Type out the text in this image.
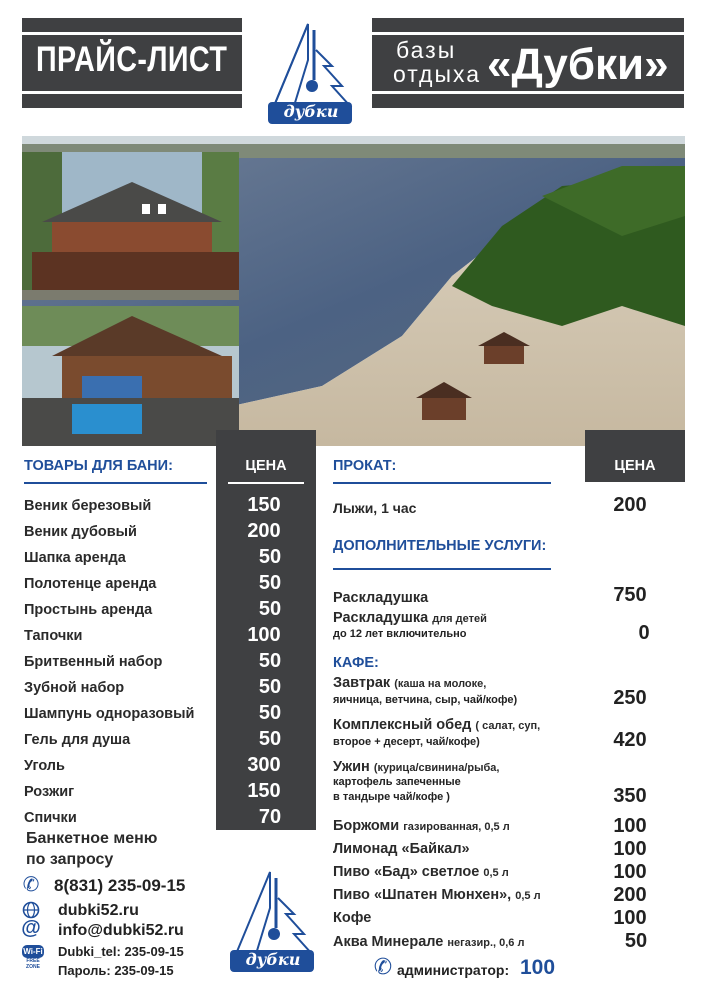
ПРАЙС-ЛИСТ	базы
отдыха «Дубки»
дубки
ТОВАРЫ ДЛЯ БАНИ:	ЦЕНА
Веник березовый	150
Веник дубовый	200
Шапка аренда	50
Полотенце аренда	50
Простынь аренда	50
Тапочки	100
Бритвенный набор	50
Зубной набор	50
Шампунь одноразовый	50
Гель для душа	50
Уголь	300
Розжиг	150
Спички	70
Банкетное меню
по запросу
✆ 8(831) 235-09-15
dubki52.ru
@ info@dubki52.ru
Wi-Fi
FREE ZONE
Dubki_tel: 235-09-15
Пароль: 235-09-15
дубки
ПРОКАТ:	ЦЕНА
Лыжи, 1 час	200
ДОПОЛНИТЕЛЬНЫЕ УСЛУГИ:
Раскладушка	750
Раскладушка для детей
до 12 лет включительно	0
КАФЕ:
Завтрак (каша на молоке,
яичница, ветчина, сыр, чай/кофе)	250
Комплексный обед ( салат, суп,
второе + десерт, чай/кофе)	420
Ужин (курица/свинина/рыба,
картофель запеченные
в тандыре чай/кофе )	350
Боржоми газированная, 0,5 л	100
Лимонад «Байкал»	100
Пиво «Бад» светлое 0,5 л	100
Пиво «Шпатен Мюнхен», 0,5 л	200
Кофе	100
Аква Минерале негазир., 0,6 л	50
✆ администратор: 100
